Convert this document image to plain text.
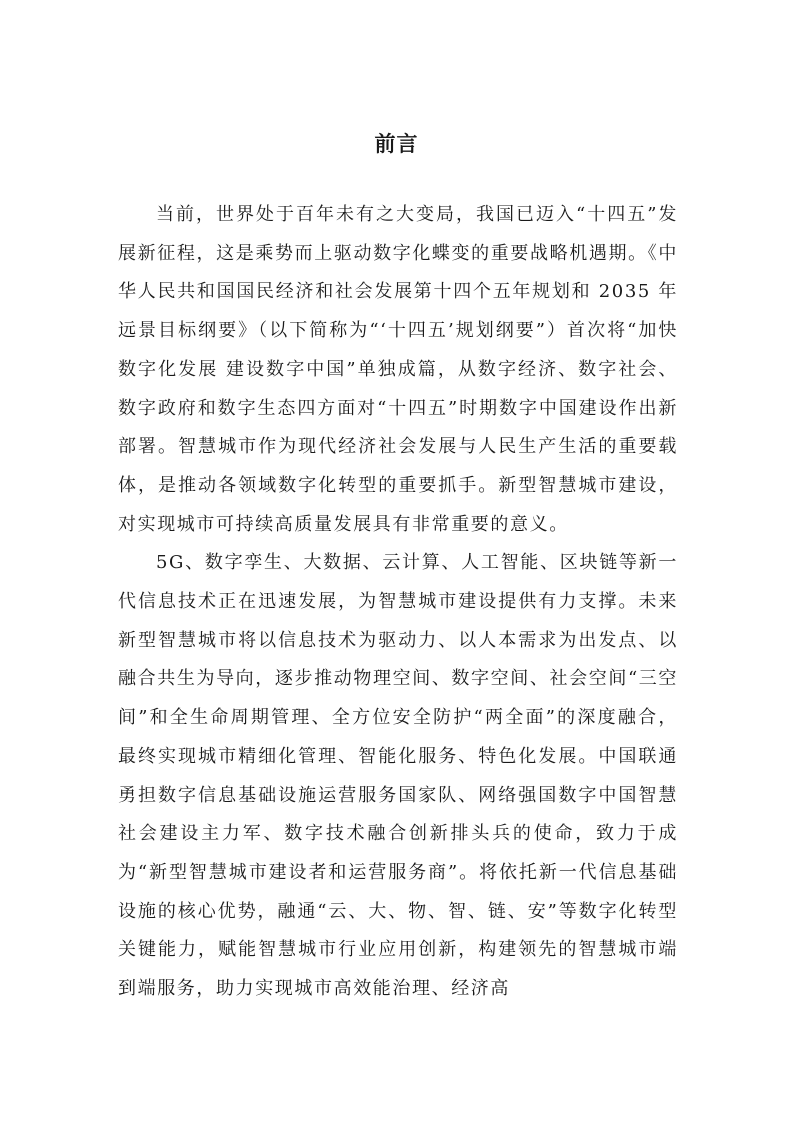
前言

当前，世界处于百年未有之大变局，我国已迈入“十四五”发展新征程，这是乘势而上驱动数字化蝶变的重要战略机遇期。《中华人民共和国国民经济和社会发展第十四个五年规划和 2035 年远景目标纲要》（以下简称为“‘十四五’规划纲要”）首次将“加快数字化发展 建设数字中国”单独成篇，从数字经济、数字社会、数字政府和数字生态四方面对“十四五”时期数字中国建设作出新部署。智慧城市作为现代经济社会发展与人民生产生活的重要载体，是推动各领域数字化转型的重要抓手。新型智慧城市建设，对实现城市可持续高质量发展具有非常重要的意义。

5G、数字孪生、大数据、云计算、人工智能、区块链等新一代信息技术正在迅速发展，为智慧城市建设提供有力支撑。未来新型智慧城市将以信息技术为驱动力、以人本需求为出发点、以融合共生为导向，逐步推动物理空间、数字空间、社会空间“三空间”和全生命周期管理、全方位安全防护“两全面”的深度融合，最终实现城市精细化管理、智能化服务、特色化发展。中国联通勇担数字信息基础设施运营服务国家队、网络强国数字中国智慧社会建设主力军、数字技术融合创新排头兵的使命，致力于成为“新型智慧城市建设者和运营服务商”。将依托新一代信息基础设施的核心优势，融通“云、大、物、智、链、安”等数字化转型关键能力，赋能智慧城市行业应用创新，构建领先的智慧城市端到端服务，助力实现城市高效能治理、经济高
